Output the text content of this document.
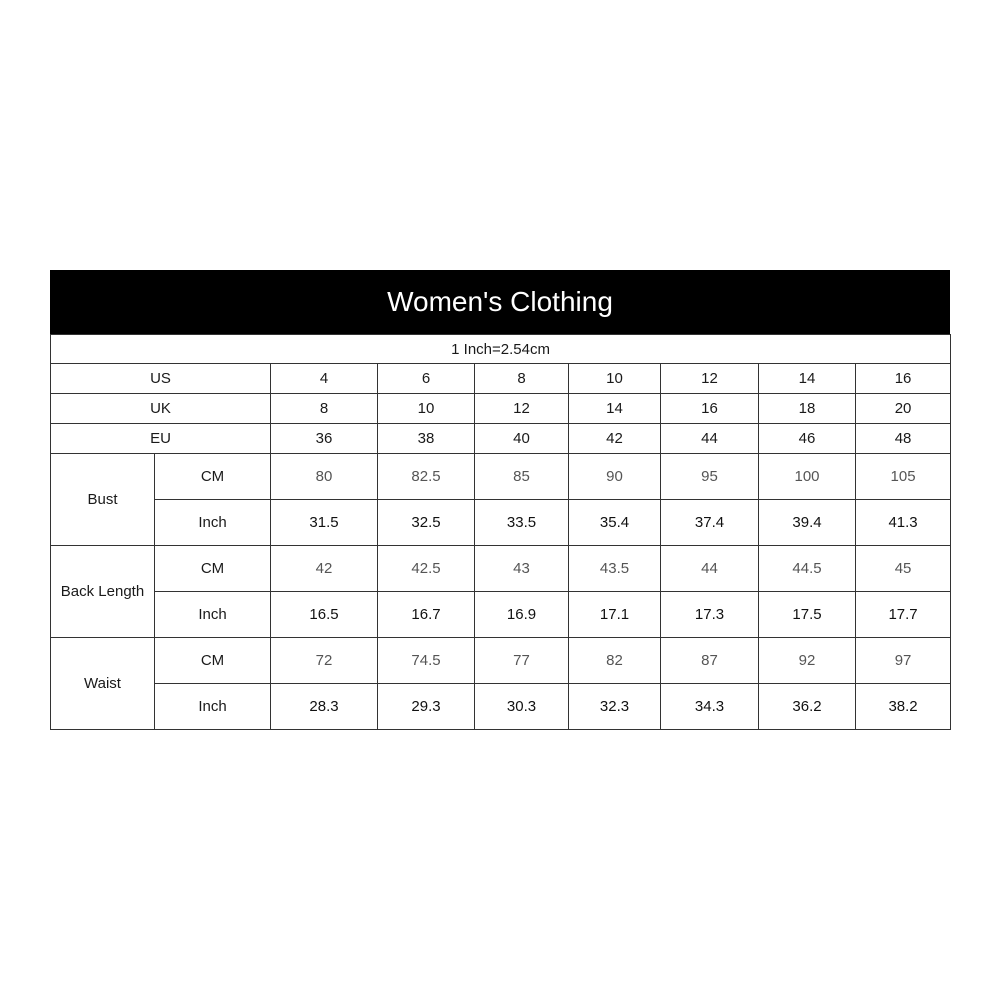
Women's Clothing
1 Inch=2.54cm								
US		4	6	8	10	12	14	16
UK		8	10	12	14	16	18	20
EU		36	38	40	42	44	46	48
Bust	CM	80	82.5	85	90	95	100	105
	Inch	31.5	32.5	33.5	35.4	37.4	39.4	41.3
Back Length	CM	42	42.5	43	43.5	44	44.5	45
	Inch	16.5	16.7	16.9	17.1	17.3	17.5	17.7
Waist	CM	72	74.5	77	82	87	92	97
	Inch	28.3	29.3	30.3	32.3	34.3	36.2	38.2
